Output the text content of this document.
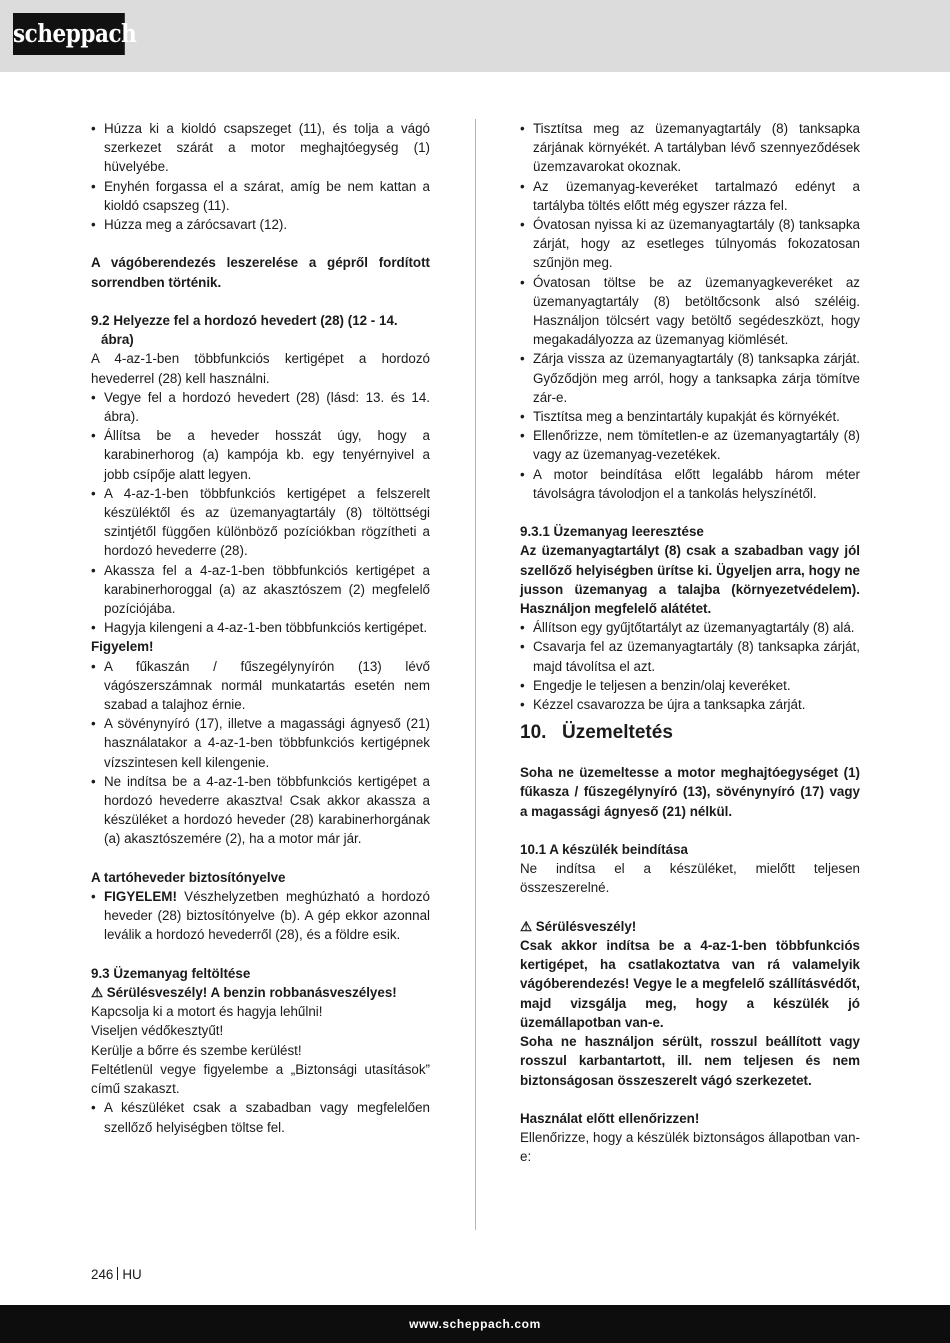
scheppach
• Húzza ki a kioldó csapszeget (11), és tolja a vágó szerkezet szárát a motor meghajtóegység (1) hüvelyébe.
• Enyhén forgassa el a szárat, amíg be nem kattan a kioldó csapszeg (11).
• Húzza meg a zárócsavart (12).

A vágóberendezés leszerelése a gépről fordított sorrendben történik.

9.2 Helyezze fel a hordozó hevedert (28) (12 - 14.
ábra)

A 4-az-1-ben többfunkciós kertigépet a hordozó hevederrel (28) kell használni.

• Vegye fel a hordozó hevedert (28) (lásd: 13. és 14. ábra).
• Állítsa be a heveder hosszát úgy, hogy a karabinerhorog (a) kampója kb. egy tenyérnyivel a jobb csípője alatt legyen.
• A 4-az-1-ben többfunkciós kertigépet a felszerelt készüléktől és az üzemanyagtartály (8) töltöttségi szintjétől függően különböző pozíciókban rögzítheti a hordozó hevederre (28).
• Akassza fel a 4-az-1-ben többfunkciós kertigépet a karabinerhoroggal (a) az akasztószem (2) megfelelő pozíciójába.
• Hagyja kilengeni a 4-az-1-ben többfunkciós kertigépet.

Figyelem!

• A fűkaszán / fűszegélynyírón (13) lévő vágószerszámnak normál munkatartás esetén nem szabad a talajhoz érnie.
• A sövénynyíró (17), illetve a magassági ágnyeső (21) használatakor a 4-az-1-ben többfunkciós kertigépnek vízszintesen kell kilengenie.
• Ne indítsa be a 4-az-1-ben többfunkciós kertigépet a hordozó hevederre akasztva! Csak akkor akassza a készüléket a hordozó heveder (28) karabinerhorgának (a) akasztószemére (2), ha a motor már jár.

A tartóheveder biztosítónyelve

• FIGYELEM! Vészhelyzetben meghúzható a hordozó heveder (28) biztosítónyelve (b). A gép ekkor azonnal leválik a hordozó hevederről (28), és a földre esik.

9.3 Üzemanyag feltöltése

⚠ Sérülésveszély! A benzin robbanásveszélyes!

Kapcsolja ki a motort és hagyja lehűlni!

Viseljen védőkesztyűt!

Kerülje a bőrre és szembe kerülést!

Feltétlenül vegye figyelembe a „Biztonsági utasítások” című szakaszt.

• A készüléket csak a szabadban vagy megfelelően szellőző helyiségben töltse fel.
• Tisztítsa meg az üzemanyagtartály (8) tanksapka zárjának környékét. A tartályban lévő szennyeződések üzemzavarokat okoznak.
• Az üzemanyag-keveréket tartalmazó edényt a tartályba töltés előtt még egyszer rázza fel.
• Óvatosan nyissa ki az üzemanyagtartály (8) tanksapka zárját, hogy az esetleges túlnyomás fokozatosan szűnjön meg.
• Óvatosan töltse be az üzemanyagkeveréket az üzemanyagtartály (8) betöltőcsonk alsó széléig. Használjon tölcsért vagy betöltő segédeszközt, hogy megakadályozza az üzemanyag kiömlését.
• Zárja vissza az üzemanyagtartály (8) tanksapka zárját. Győződjön meg arról, hogy a tanksapka zárja tömítve zár-e.
• Tisztítsa meg a benzintartály kupakját és környékét.
• Ellenőrizze, nem tömítetlen-e az üzemanyagtartály (8) vagy az üzemanyag-vezetékek.
• A motor beindítása előtt legalább három méter távolságra távolodjon el a tankolás helyszínétől.

9.3.1 Üzemanyag leeresztése

Az üzemanyagtartályt (8) csak a szabadban vagy jól szellőző helyiségben ürítse ki. Ügyeljen arra, hogy ne jusson üzemanyag a talajba (környezetvédelem). Használjon megfelelő alátétet.

• Állítson egy gyűjtőtartályt az üzemanyagtartály (8) alá.
• Csavarja fel az üzemanyagtartály (8) tanksapka zárját, majd távolítsa el azt.
• Engedje le teljesen a benzin/olaj keveréket.
• Kézzel csavarozza be újra a tanksapka zárját.
10. Üzemeltetés

Soha ne üzemeltesse a motor meghajtóegységet (1) fűkasza / fűszegélynyíró (13), sövénynyíró (17) vagy a magassági ágnyeső (21) nélkül.

10.1 A készülék beindítása

Ne indítsa el a készüléket, mielőtt teljesen összeszerelné.

⚠ Sérülésveszély!

Csak akkor indítsa be a 4-az-1-ben többfunkciós kertigépet, ha csatlakoztatva van rá valamelyik vágóberendezés! Vegye le a megfelelő szállításvédőt, majd vizsgálja meg, hogy a készülék jó üzemállapotban van-e.

Soha ne használjon sérült, rosszul beállított vagy rosszul karbantartott, ill. nem teljesen és nem biztonságosan összeszerelt vágó szerkezetet.

Használat előtt ellenőrizzen!

Ellenőrizze, hogy a készülék biztonságos állapotban van-e:

246 HU
www.scheppach.com
